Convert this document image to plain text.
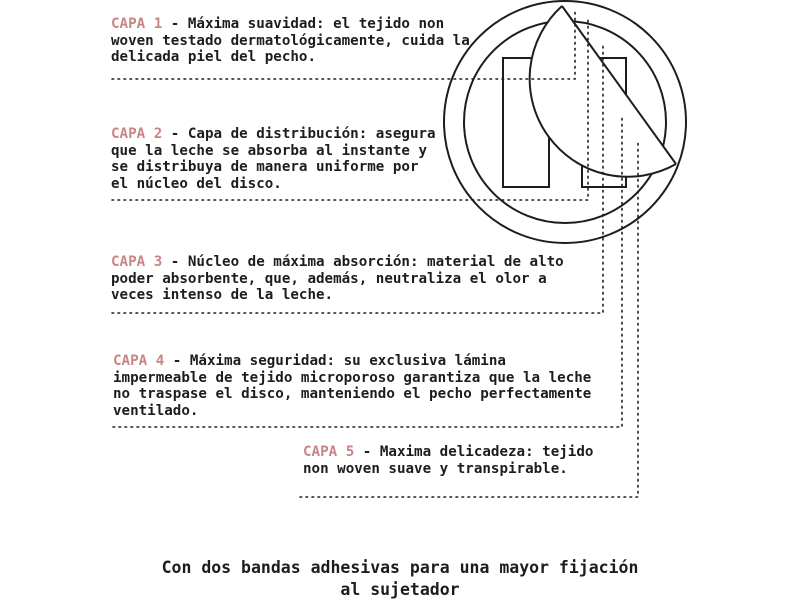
CAPA 1 - Máxima suavidad: el tejido non woven testado dermatológicamente, cuida la delicada piel del pecho.

CAPA 2 - Capa de distribución: asegura que la leche se absorba al instante y se distribuya de manera uniforme por el núcleo del disco.

CAPA 3 - Núcleo de máxima absorción: material de alto poder absorbente, que, además, neutraliza el olor a veces intenso de la leche.

CAPA 4 - Máxima seguridad: su exclusiva lámina impermeable de tejido microporoso garantiza que la leche no traspase el disco, manteniendo el pecho perfectamente ventilado.

CAPA 5 - Maxima delicadeza: tejido non woven suave y transpirable.

Con dos bandas adhesivas para una mayor fijación al sujetador
